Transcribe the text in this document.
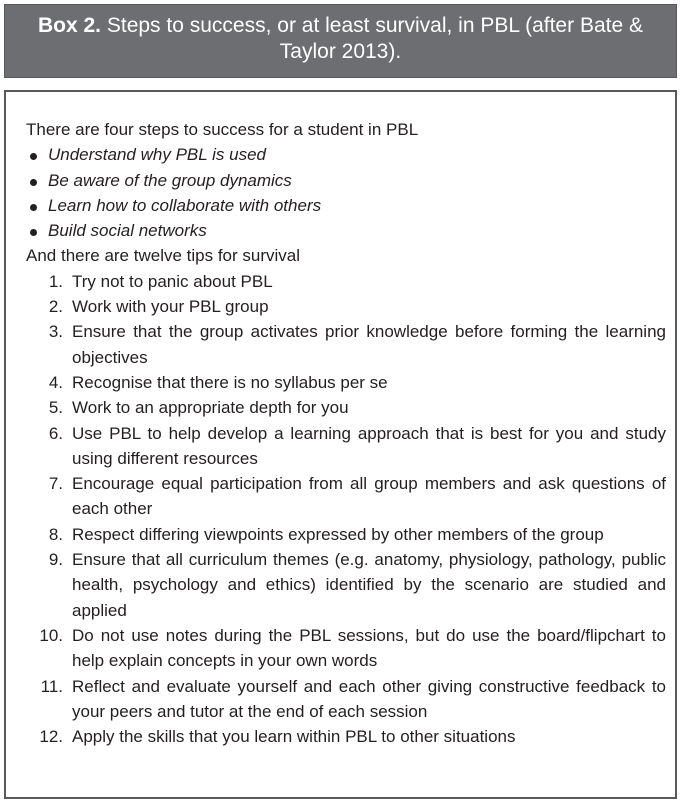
Box 2. Steps to success, or at least survival, in PBL (after Bate & Taylor 2013).

There are four steps to success for a student in PBL

Understand why PBL is used
Be aware of the group dynamics
Learn how to collaborate with others
Build social networks

And there are twelve tips for survival

1. Try not to panic about PBL
2. Work with your PBL group
3. Ensure that the group activates prior knowledge before forming the learning objectives
4. Recognise that there is no syllabus per se
5. Work to an appropriate depth for you
6. Use PBL to help develop a learning approach that is best for you and study using different resources
7. Encourage equal participation from all group members and ask questions of each other
8. Respect differing viewpoints expressed by other members of the group
9. Ensure that all curriculum themes (e.g. anatomy, physiology, pathology, public health, psychology and ethics) identified by the scenario are studied and applied
10. Do not use notes during the PBL sessions, but do use the board/flipchart to help explain concepts in your own words
11. Reflect and evaluate yourself and each other giving constructive feedback to your peers and tutor at the end of each session
12. Apply the skills that you learn within PBL to other situations
